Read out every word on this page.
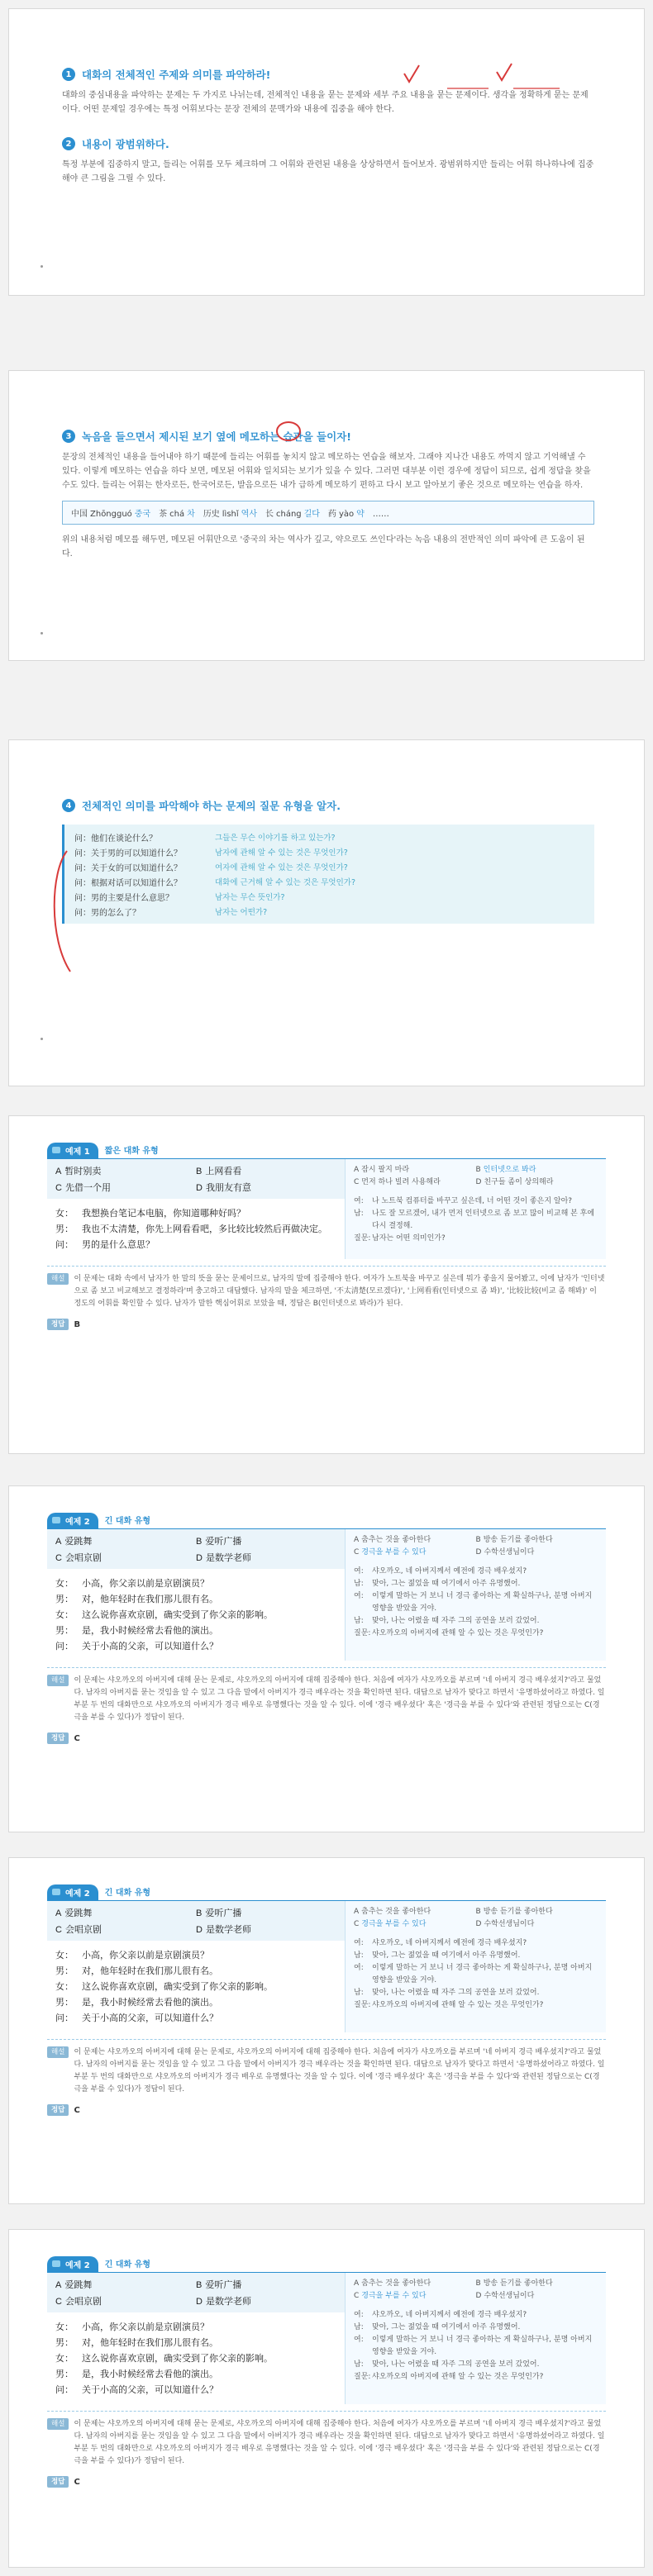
1	대화의 전체적인 주제와 의미를 파악하라!

대화의 중심내용을 파악하는 문제는 두 가지로 나뉘는데, 전체적인 내용을 묻는 문제와 세부 주요 내용을 묻는 문제이다. 생각을 정확하게 묻는 문제이다. 어떤 문제일 경우에는 특정 어휘보다는 문장 전체의 문맥가와 내용에 집중을 해야 한다.

2	내용이 광범위하다.

특정 부분에 집중하지 말고, 들리는 어휘를 모두 체크하며 그 어휘와 관련된 내용을 상상하면서 들어보자. 광범위하지만 들리는 어휘 하나하나에 집중해야 큰 그림을 그릴 수 있다.

3	녹음을 들으면서 제시된 보기 옆에 메모하는 습관을 들이자!

문장의 전체적인 내용을 들어내야 하기 때문에 들리는 어휘를 놓치지 않고 메모하는 연습을 해보자. 그래야 지나간 내용도 까먹지 않고 기억해낼 수 있다. 이렇게 메모하는 연습을 하다 보면, 메모된 어휘와 일치되는 보기가 있을 수 있다. 그러면 대부분 이런 경우에 정답이 되므로, 쉽게 정답을 찾을 수도 있다. 들리는 어휘는 한자로든, 한국어로든, 발음으로든 내가 급하게 메모하기 편하고 다시 보고 알아보기 좋은 것으로 메모하는 연습을 하자.

中国 Zhōngguó 중국 茶 chá 차 历史 lìshǐ 역사 长 cháng 길다 药 yào 약 ……

위의 내용처럼 메모를 해두면, 메모된 어휘만으로 '중국의 차는 역사가 깊고, 약으로도 쓰인다'라는 녹음 내용의 전반적인 의미 파악에 큰 도움이 된다.

4	전체적인 의미를 파악해야 하는 문제의 질문 유형을 알자.
问：他们在谈论什么？	그들은 무슨 이야기를 하고 있는가?
问：关于男的可以知道什么？	남자에 관해 알 수 있는 것은 무엇인가?
问：关于女的可以知道什么？	여자에 관해 알 수 있는 것은 무엇인가?
问：根据对话可以知道什么？	대화에 근거해 알 수 있는 것은 무엇인가?
问：男的主要是什么意思？	남자는 무슨 뜻인가?
问：男的怎么了？	남자는 어떤가?
예제 1	짧은 대화 유형
A 暂时别卖	B 上网看看
C 先借一个用	D 我朋友有意
女： 我想换台笔记本电脑，你知道哪种好吗？
男： 我也不太清楚，你先上网看看吧，多比较比较然后再做决定。
问： 男的是什么意思？
A 잠시 팔지 마라	B 인터넷으로 봐라
C 먼저 하나 빌려 사용해라	D 친구들 좀이 상의해라
여:	나 노트북 컴퓨터를 바꾸고 싶은데, 너 어떤 것이 좋은지 알아?
남:	나도 잘 모르겠어, 내가 먼저 인터넷으로 좀 보고 많이 비교해 본 후에 다시 결정해.
질문: 남자는 어떤 의미인가?
해설	이 문제는 대화 속에서 남자가 한 말의 뜻을 묻는 문제이므로, 남자의 말에 집중해야 한다. 여자가 노트북을 바꾸고 싶은데 뭐가 좋을지 물어봤고, 이에 남자가 '인터넷으로 좀 보고 비교해보고 결정하라'며 충고하고 대답했다. 남자의 말을 체크하면, '不太清楚(모르겠다)', '上网看看(인터넷으로 좀 봐)', '比较比较(비교 좀 해봐)' 이 정도의 어휘를 확인할 수 있다. 남자가 말한 핵심어휘로 보았을 때, 정답은 B(인터넷으로 봐라)가 된다.
정답	B
예제 2	긴 대화 유형
A 爱跳舞	B 爱听广播
C 会唱京剧	D 是数学老师
女： 小高，你父亲以前是京剧演员？
男： 对，他年轻时在我们那儿很有名。
女： 这么说你喜欢京剧，确实受到了你父亲的影响。
男： 是，我小时候经常去看他的演出。
问： 关于小高的父亲，可以知道什么？
A 춤추는 것을 좋아한다	B 방송 듣기를 좋아한다
C 경극을 부를 수 있다	D 수학선생님이다
여:	샤오까오, 네 아버지께서 예전에 경극 배우셨지?
남:	맞아, 그는 젊었을 때 여기에서 아주 유명했어.
여:	이렇게 말하는 거 보니 너 경극 좋아하는 게 확실하구나, 분명 아버지 영향을 받았을 거야.
남:	맞아, 나는 어렸을 때 자주 그의 공연을 보러 갔었어.
질문: 샤오까오의 아버지에 관해 알 수 있는 것은 무엇인가?
해설	이 문제는 샤오까오의 아버지에 대해 묻는 문제로, 샤오까오의 아버지에 대해 집중해야 한다. 처음에 여자가 샤오까오를 부르며 '네 아버지 경극 배우셨지?'라고 물었다. 남자의 아버지를 묻는 것임을 알 수 있고 그 다음 말에서 아버지가 경극 배우라는 것을 확인하면 된다. 대답으로 남자가 맞다고 하면서 '유명하셨어라고 하였다. 일부분 두 번의 대화만으로 샤오까오의 아버지가 경극 배우로 유명했다는 것을 알 수 있다. 이에 '경극 배우셨다' 혹은 '경극을 부를 수 있다'와 관련된 정답으로는 C(경극을 부를 수 있다)가 정답이 된다.
정답	C
예제 2	긴 대화 유형
A 爱跳舞	B 爱听广播
C 会唱京剧	D 是数学老师
女： 小高，你父亲以前是京剧演员？
男： 对，他年轻时在我们那儿很有名。
女： 这么说你喜欢京剧，确实受到了你父亲的影响。
男： 是，我小时候经常去看他的演出。
问： 关于小高的父亲，可以知道什么？
A 춤추는 것을 좋아한다	B 방송 듣기를 좋아한다
C 경극을 부를 수 있다	D 수학선생님이다
여:	샤오까오, 네 아버지께서 예전에 경극 배우셨지?
남:	맞아, 그는 젊었을 때 여기에서 아주 유명했어.
여:	이렇게 말하는 거 보니 너 경극 좋아하는 게 확실하구나, 분명 아버지 영향을 받았을 거야.
남:	맞아, 나는 어렸을 때 자주 그의 공연을 보러 갔었어.
질문: 샤오까오의 아버지에 관해 알 수 있는 것은 무엇인가?
해설	이 문제는 샤오까오의 아버지에 대해 묻는 문제로, 샤오까오의 아버지에 대해 집중해야 한다. 처음에 여자가 샤오까오를 부르며 '네 아버지 경극 배우셨지?'라고 물었다. 남자의 아버지를 묻는 것임을 알 수 있고 그 다음 말에서 아버지가 경극 배우라는 것을 확인하면 된다. 대답으로 남자가 맞다고 하면서 '유명하셨어라고 하였다. 일부분 두 번의 대화만으로 샤오까오의 아버지가 경극 배우로 유명했다는 것을 알 수 있다. 이에 '경극 배우셨다' 혹은 '경극을 부를 수 있다'와 관련된 정답으로는 C(경극을 부를 수 있다)가 정답이 된다.
정답	C
예제 2	긴 대화 유형
A 爱跳舞	B 爱听广播
C 会唱京剧	D 是数学老师
女： 小高，你父亲以前是京剧演员？
男： 对，他年轻时在我们那儿很有名。
女： 这么说你喜欢京剧，确实受到了你父亲的影响。
男： 是，我小时候经常去看他的演出。
问： 关于小高的父亲，可以知道什么？
A 춤추는 것을 좋아한다	B 방송 듣기를 좋아한다
C 경극을 부를 수 있다	D 수학선생님이다
여:	샤오까오, 네 아버지께서 예전에 경극 배우셨지?
남:	맞아, 그는 젊었을 때 여기에서 아주 유명했어.
여:	이렇게 말하는 거 보니 너 경극 좋아하는 게 확실하구나, 분명 아버지 영향을 받았을 거야.
남:	맞아, 나는 어렸을 때 자주 그의 공연을 보러 갔었어.
질문: 샤오까오의 아버지에 관해 알 수 있는 것은 무엇인가?
해설	이 문제는 샤오까오의 아버지에 대해 묻는 문제로, 샤오까오의 아버지에 대해 집중해야 한다. 처음에 여자가 샤오까오를 부르며 '네 아버지 경극 배우셨지?'라고 물었다. 남자의 아버지를 묻는 것임을 알 수 있고 그 다음 말에서 아버지가 경극 배우라는 것을 확인하면 된다. 대답으로 남자가 맞다고 하면서 '유명하셨어라고 하였다. 일부분 두 번의 대화만으로 샤오까오의 아버지가 경극 배우로 유명했다는 것을 알 수 있다. 이에 '경극 배우셨다' 혹은 '경극을 부를 수 있다'와 관련된 정답으로는 C(경극을 부를 수 있다)가 정답이 된다.
정답	C
